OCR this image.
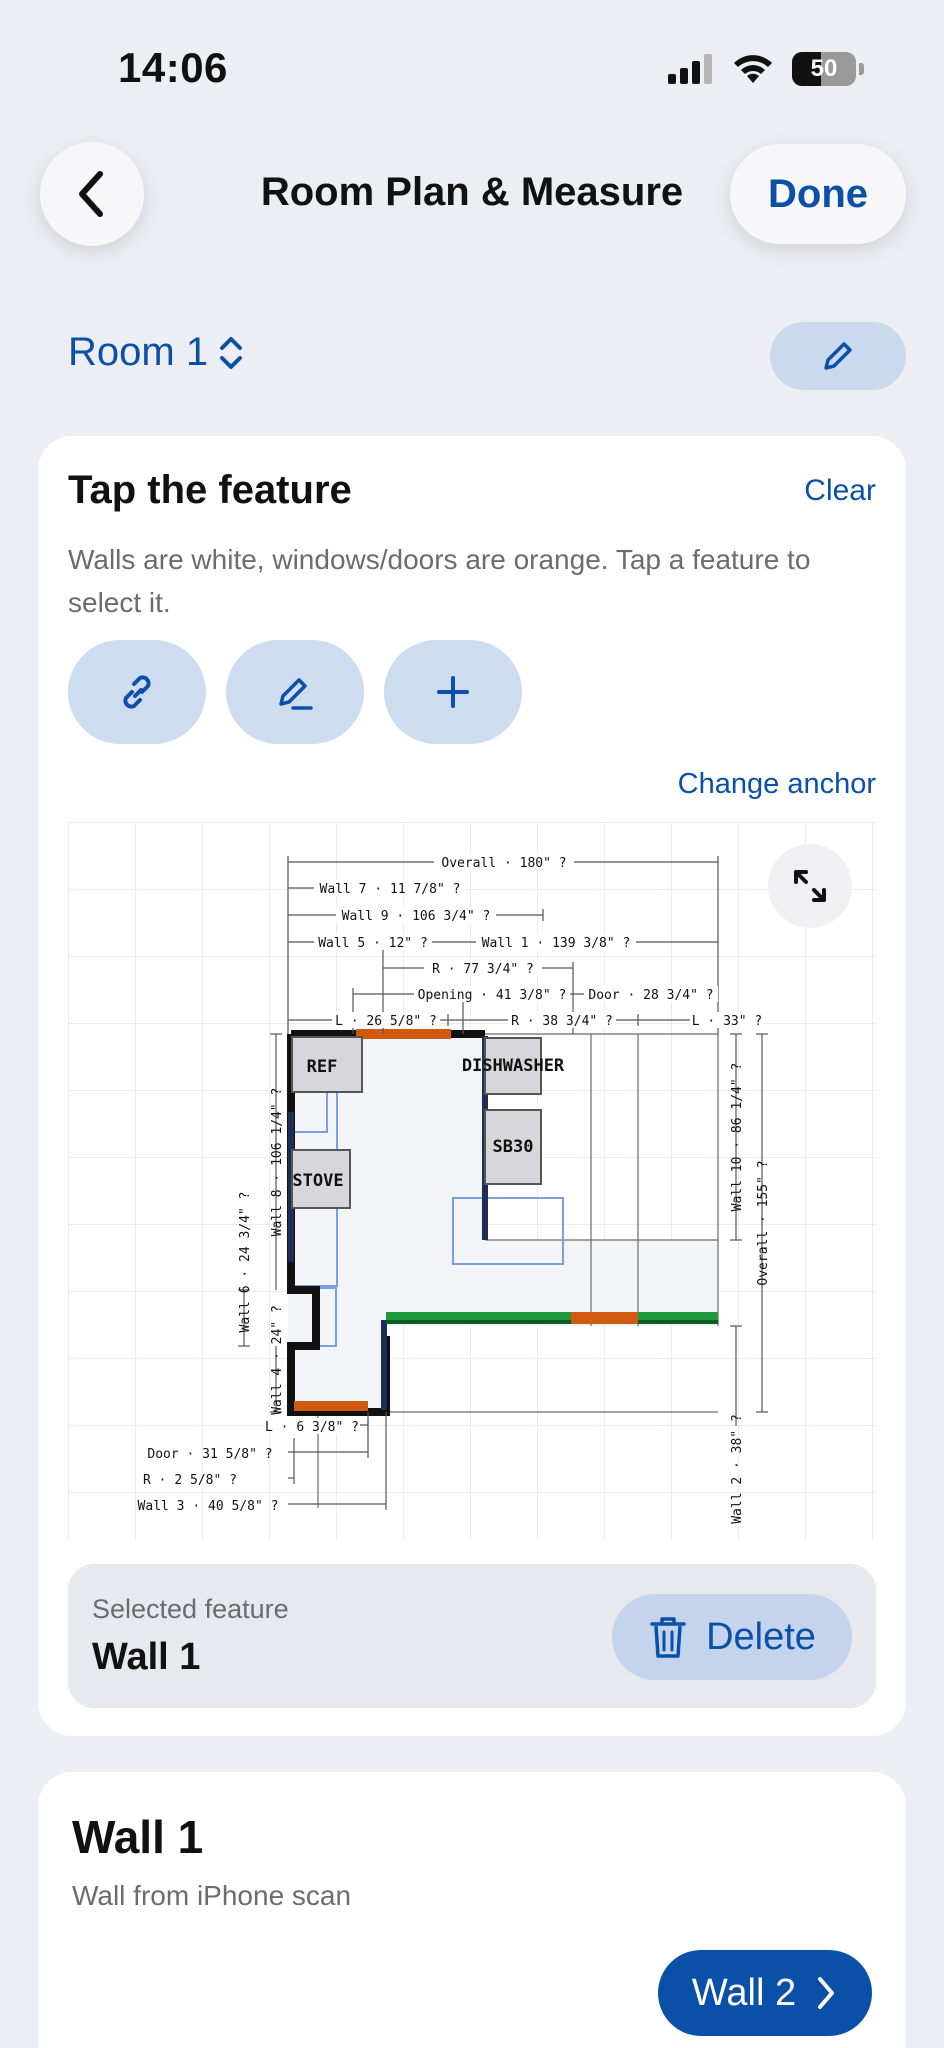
14:06	50
Room Plan & Measure	Done
Room 1
Tap the feature	Clear
Walls are white, windows/doors are orange. Tap a feature to select it.
Change anchor
REF	DISHWASHER
SB30
STOVE
Overall · 180" ?
Wall 7 · 11 7/8" ?
Wall 9 · 106 3/4" ?
Wall 5 · 12" ?	Wall 1 · 139 3/8" ?
R · 77 3/4" ?
Opening · 41 3/8" ? Door · 28 3/4" ?
L · 26 5/8" ?	R · 38 3/4" ?	L · 33" ?
Wall 8 · 106 1/4" ?
Wall 6 · 24 3/4" ?
Wall 4 · 24" ?
Wall 10 · 86 1/4" ?
Overall · 155" ?
Wall 2 · 38" ?
L · 6 3/8" ?
Door · 31 5/8" ?
R · 2 5/8" ?
Wall 3 · 40 5/8" ?
Selected feature
Wall 1	Delete
Wall 1
Wall from iPhone scan
Wall 2
